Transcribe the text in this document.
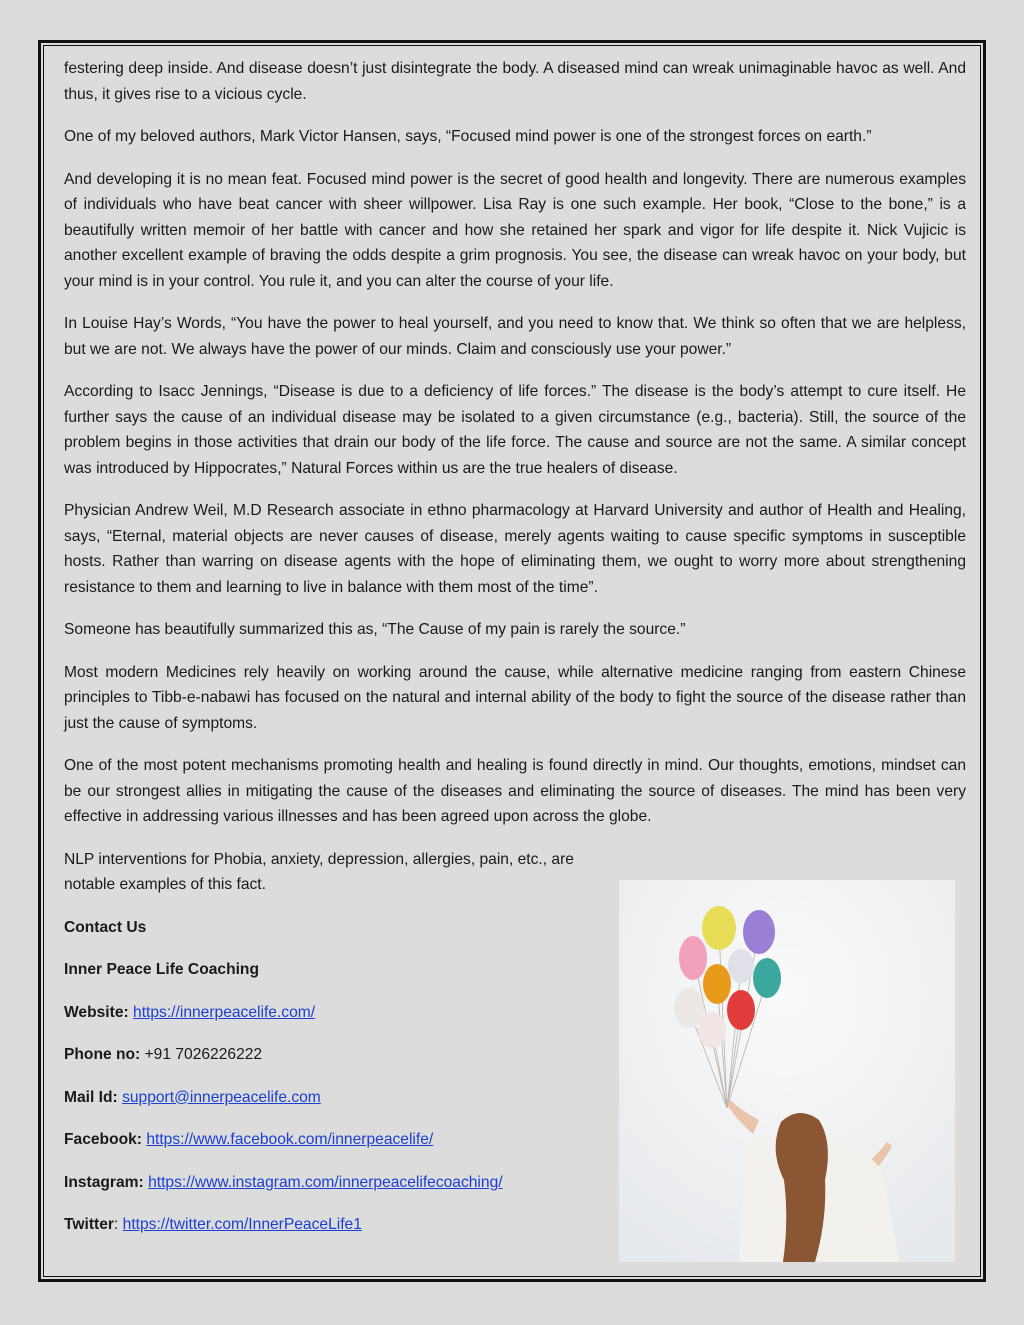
festering deep inside. And disease doesn’t just disintegrate the body. A diseased mind can wreak unimaginable havoc as well. And thus, it gives rise to a vicious cycle.

One of my beloved authors, Mark Victor Hansen, says, “Focused mind power is one of the strongest forces on earth.”

And developing it is no mean feat. Focused mind power is the secret of good health and longevity. There are numerous examples of individuals who have beat cancer with sheer willpower. Lisa Ray is one such example. Her book, “Close to the bone,” is a beautifully written memoir of her battle with cancer and how she retained her spark and vigor for life despite it. Nick Vujicic is another excellent example of braving the odds despite a grim prognosis. You see, the disease can wreak havoc on your body, but your mind is in your control. You rule it, and you can alter the course of your life.

In Louise Hay’s Words, “You have the power to heal yourself, and you need to know that. We think so often that we are helpless, but we are not. We always have the power of our minds. Claim and consciously use your power.”

According to Isacc Jennings, “Disease is due to a deficiency of life forces.” The disease is the body’s attempt to cure itself. He further says the cause of an individual disease may be isolated to a given circumstance (e.g., bacteria). Still, the source of the problem begins in those activities that drain our body of the life force. The cause and source are not the same. A similar concept was introduced by Hippocrates,” Natural Forces within us are the true healers of disease.

Physician Andrew Weil, M.D Research associate in ethno pharmacology at Harvard University and author of Health and Healing, says, “Eternal, material objects are never causes of disease, merely agents waiting to cause specific symptoms in susceptible hosts. Rather than warring on disease agents with the hope of eliminating them, we ought to worry more about strengthening resistance to them and learning to live in balance with them most of the time”.

Someone has beautifully summarized this as, “The Cause of my pain is rarely the source.”

Most modern Medicines rely heavily on working around the cause, while alternative medicine ranging from eastern Chinese principles to Tibb-e-nabawi has focused on the natural and internal ability of the body to fight the source of the disease rather than just the cause of symptoms.

One of the most potent mechanisms promoting health and healing is found directly in mind. Our thoughts, emotions, mindset can be our strongest allies in mitigating the cause of the diseases and eliminating the source of diseases. The mind has been very effective in addressing various illnesses and has been agreed upon across the globe.

NLP interventions for Phobia, anxiety, depression, allergies, pain, etc., are notable examples of this fact.

Contact Us

Inner Peace Life Coaching

Website: https://innerpeacelife.com/

Phone no: +91 7026226222

Mail Id: support@innerpeacelife.com

Facebook: https://www.facebook.com/innerpeacelife/

Instagram: https://www.instagram.com/innerpeacelifecoaching/

Twitter: https://twitter.com/InnerPeaceLife1
